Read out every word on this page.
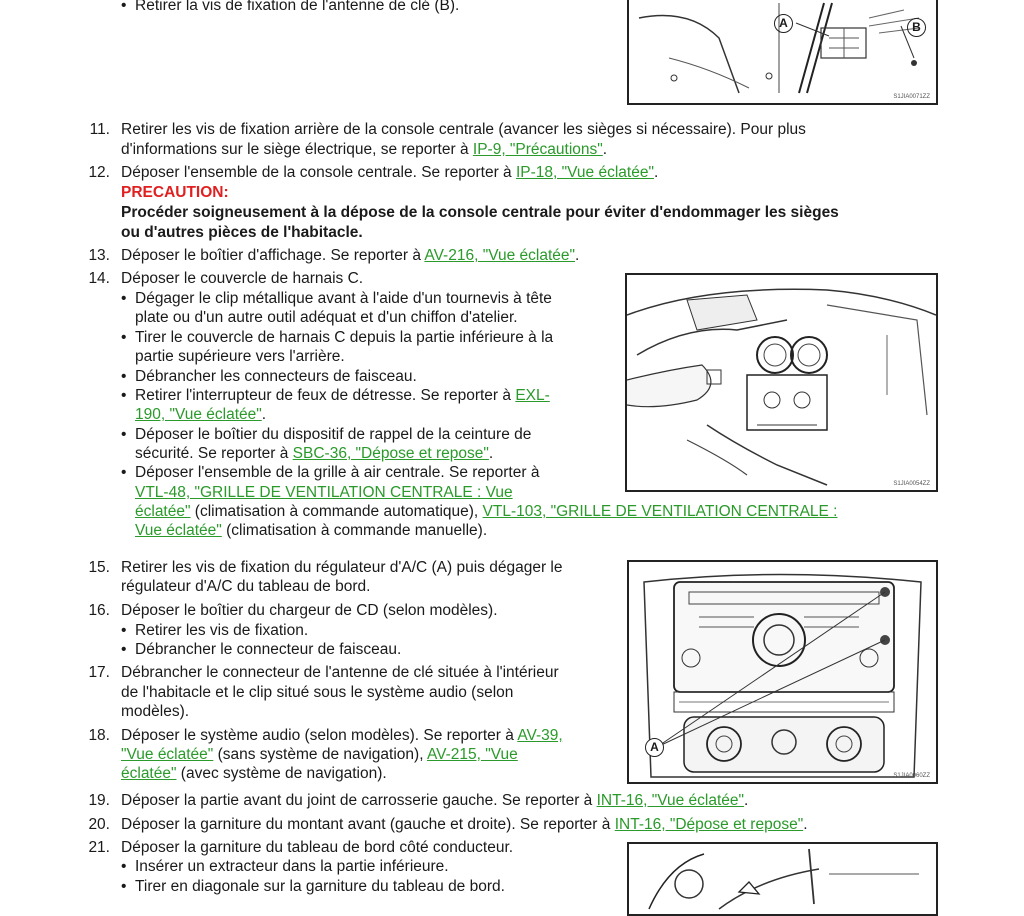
• Retirer la vis de fixation de l'antenne de clé (B).
A	B
S1JIA0071ZZ
11. Retirer les vis de fixation arrière de la console centrale (avancer les sièges si nécessaire). Pour plus
d'informations sur le siège électrique, se reporter à IP-9, "Précautions".
12. Déposer l'ensemble de la console centrale. Se reporter à IP-18, "Vue éclatée".
PRECAUTION:
Procéder soigneusement à la dépose de la console centrale pour éviter d'endommager les sièges
ou d'autres pièces de l'habitacle.
13. Déposer le boîtier d'affichage. Se reporter à AV-216, "Vue éclatée".
14. Déposer le couvercle de harnais C.
• Dégager le clip métallique avant à l'aide d'un tournevis à tête
plate ou d'un autre outil adéquat et d'un chiffon d'atelier.
• Tirer le couvercle de harnais C depuis la partie inférieure à la
partie supérieure vers l'arrière.
• Débrancher les connecteurs de faisceau.
• Retirer l'interrupteur de feux de détresse. Se reporter à EXL-
190, "Vue éclatée".
• Déposer le boîtier du dispositif de rappel de la ceinture de
sécurité. Se reporter à SBC-36, "Dépose et repose".
• Déposer l'ensemble de la grille à air centrale. Se reporter à
VTL-48, "GRILLE DE VENTILATION CENTRALE : Vue
éclatée" (climatisation à commande automatique), VTL-103, "GRILLE DE VENTILATION CENTRALE :
Vue éclatée" (climatisation à commande manuelle).
S1JIA0054ZZ
15. Retirer les vis de fixation du régulateur d'A/C (A) puis dégager le
régulateur d'A/C du tableau de bord.
16. Déposer le boîtier du chargeur de CD (selon modèles).
• Retirer les vis de fixation.
• Débrancher le connecteur de faisceau.
17. Débrancher le connecteur de l'antenne de clé située à l'intérieur
de l'habitacle et le clip situé sous le système audio (selon
modèles).
18. Déposer le système audio (selon modèles). Se reporter à AV-39,
"Vue éclatée" (sans système de navigation), AV-215, "Vue
éclatée" (avec système de navigation).
A
S1JIA0060ZZ
19. Déposer la partie avant du joint de carrosserie gauche. Se reporter à INT-16, "Vue éclatée".
20. Déposer la garniture du montant avant (gauche et droite). Se reporter à INT-16, "Dépose et repose".
21. Déposer la garniture du tableau de bord côté conducteur.
• Insérer un extracteur dans la partie inférieure.
• Tirer en diagonale sur la garniture du tableau de bord.
